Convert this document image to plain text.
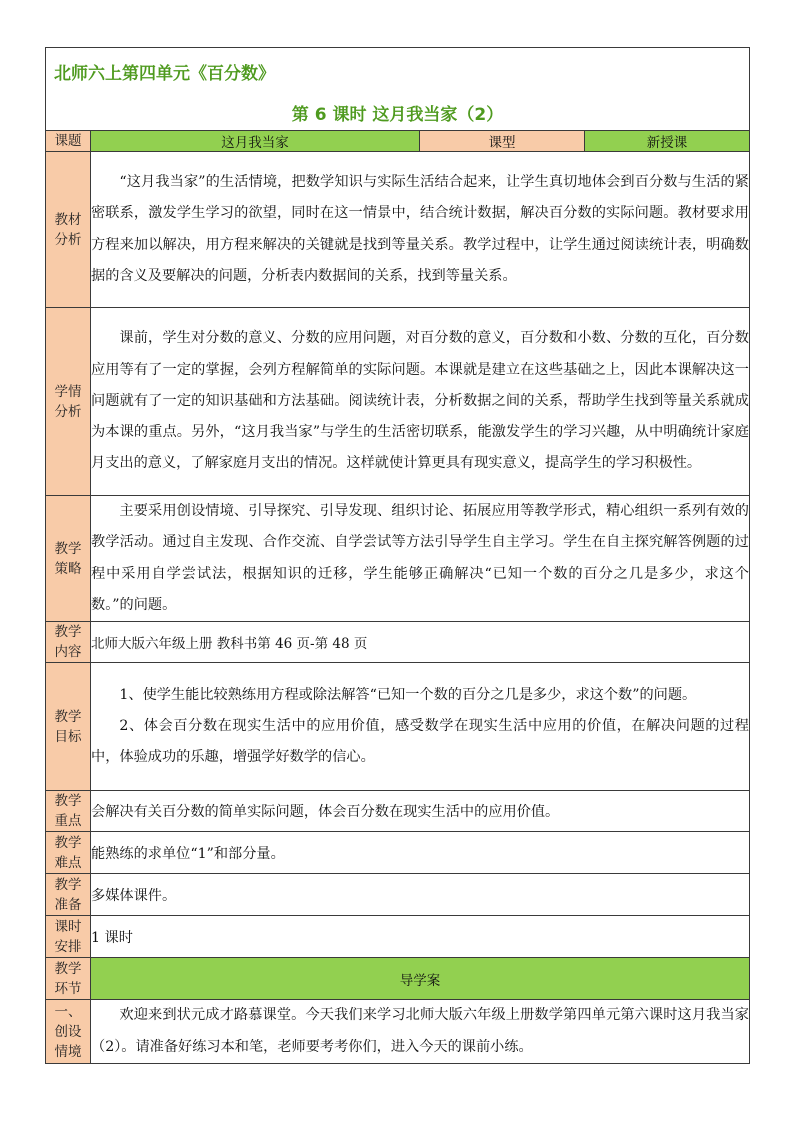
北师六上第四单元《百分数》
第 6 课时 这月我当家（2）			

课题	这月我当家	课型	新授课
教材分析	“这月我当家”的生活情境，把数学知识与实际生活结合起来，让学生真切地体会到百分数与生活的紧密联系，激发学生学习的欲望，同时在这一情景中，结合统计数据，解决百分数的实际问题。教材要求用方程来加以解决，用方程来解决的关键就是找到等量关系。教学过程中，让学生通过阅读统计表，明确数据的含义及要解决的问题，分析表内数据间的关系，找到等量关系。		
学情分析	课前，学生对分数的意义、分数的应用问题，对百分数的意义，百分数和小数、分数的互化，百分数应用等有了一定的掌握，会列方程解简单的实际问题。本课就是建立在这些基础之上，因此本课解决这一问题就有了一定的知识基础和方法基础。阅读统计表，分析数据之间的关系，帮助学生找到等量关系就成为本课的重点。另外，“这月我当家”与学生的生活密切联系，能激发学生的学习兴趣，从中明确统计家庭月支出的意义，了解家庭月支出的情况。这样就使计算更具有现实意义，提高学生的学习积极性。		
教学策略	主要采用创设情境、引导探究、引导发现、组织讨论、拓展应用等教学形式，精心组织一系列有效的教学活动。通过自主发现、合作交流、自学尝试等方法引导学生自主学习。学生在自主探究解答例题的过程中采用自学尝试法，根据知识的迁移，学生能够正确解决“已知一个数的百分之几是多少，求这个数。”的问题。		
教学内容	北师大版六年级上册 教科书第 46 页-第 48 页		
教学目标	1、使学生能比较熟练用方程或除法解答“已知一个数的百分之几是多少，求这个数”的问题。

2、体会百分数在现实生活中的应用价值，感受数学在现实生活中应用的价值，在解决问题的过程中，体验成功的乐趣，增强学好数学的信心。		

教学重点	会解决有关百分数的简单实际问题，体会百分数在现实生活中的应用价值。		
教学难点	能熟练的求单位“1”和部分量。		
教学准备	多媒体课件。		
课时安排	1 课时		
教学环节	导学案		
一、创设情境	欢迎来到状元成才路慕课堂。今天我们来学习北师大版六年级上册数学第四单元第六课时这月我当家（2）。请准备好练习本和笔，老师要考考你们，进入今天的课前小练。		
